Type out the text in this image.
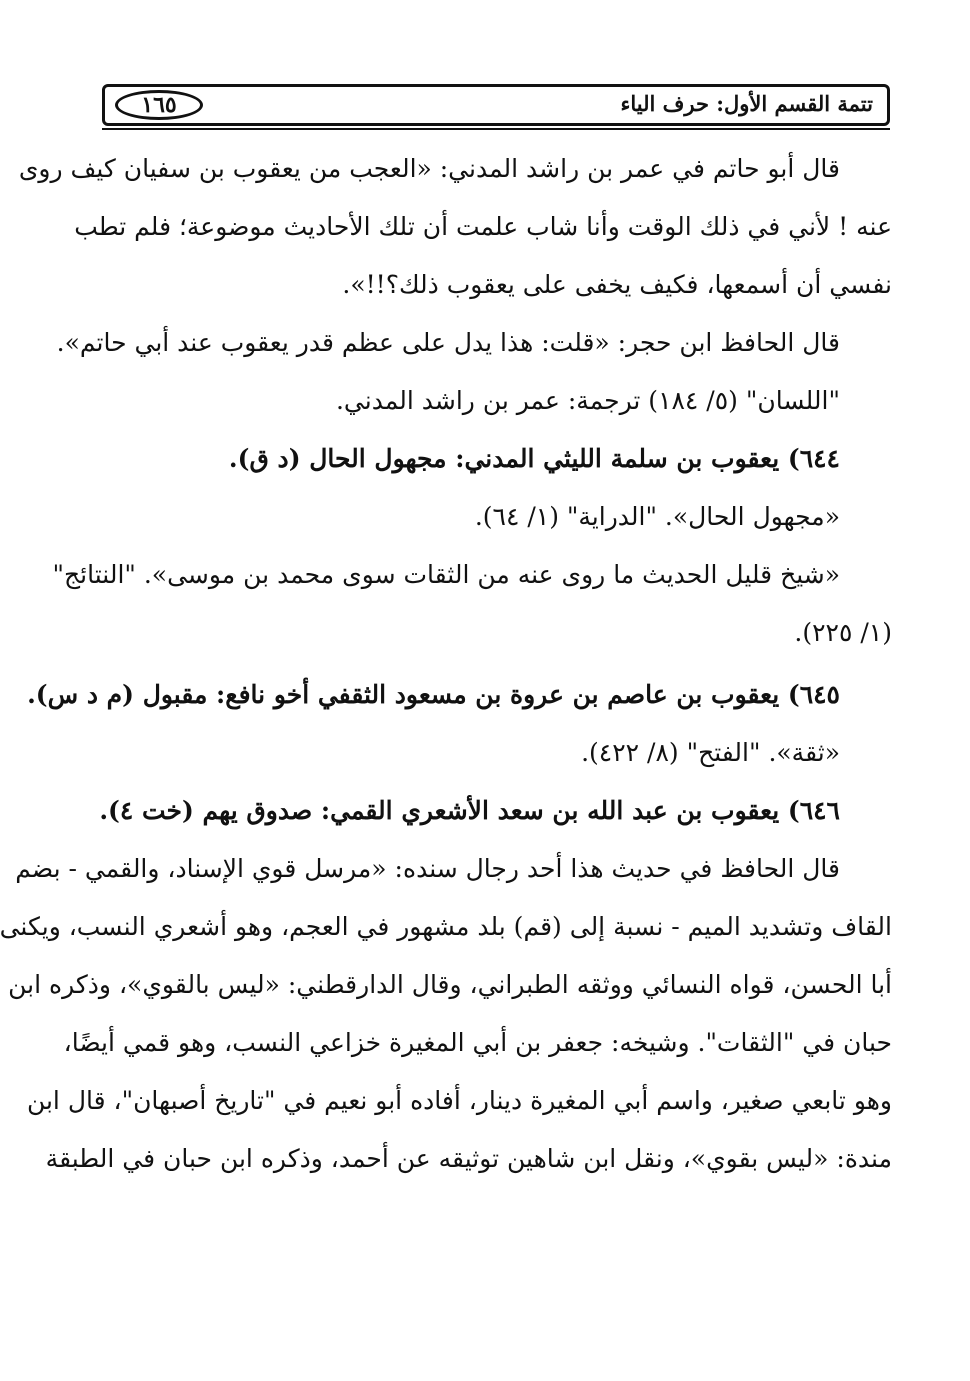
تتمة القسم الأول: حرف الياء
١٦٥
قال أبو حاتم في عمر بن راشد المدني: «العجب من يعقوب بن سفيان كيف روى
عنه ! لأني في ذلك الوقت وأنا شاب علمت أن تلك الأحاديث موضوعة؛ فلم تطب
نفسي أن أسمعها، فكيف يخفى على يعقوب ذلك؟!!».
قال الحافظ ابن حجر: «قلت: هذا يدل على عظم قدر يعقوب عند أبي حاتم».
"اللسان" (٥/ ١٨٤) ترجمة: عمر بن راشد المدني.
٦٤٤) يعقوب بن سلمة الليثي المدني: مجهول الحال (د ق).
«مجهول الحال». "الدراية" (١/ ٦٤).
«شيخ قليل الحديث ما روى عنه من الثقات سوى محمد بن موسى». "النتائج"
(١/ ٢٢٥).
٦٤٥) يعقوب بن عاصم بن عروة بن مسعود الثقفي أخو نافع: مقبول (م د س).
«ثقة». "الفتح" (٨/ ٤٢٢).
٦٤٦) يعقوب بن عبد الله بن سعد الأشعري القمي: صدوق يهم (خت ٤).
قال الحافظ في حديث هذا أحد رجال سنده: «مرسل قوي الإسناد، والقمي - بضم
القاف وتشديد الميم - نسبة إلى (قم) بلد مشهور في العجم، وهو أشعري النسب، ويكنى
أبا الحسن، قواه النسائي ووثقه الطبراني، وقال الدارقطني: «ليس بالقوي»، وذكره ابن
حبان في "الثقات". وشيخه: جعفر بن أبي المغيرة خزاعي النسب، وهو قمي أيضًا،
وهو تابعي صغير، واسم أبي المغيرة دينار، أفاده أبو نعيم في "تاريخ أصبهان"، قال ابن
مندة: «ليس بقوي»، ونقل ابن شاهين توثيقه عن أحمد، وذكره ابن حبان في الطبقة
